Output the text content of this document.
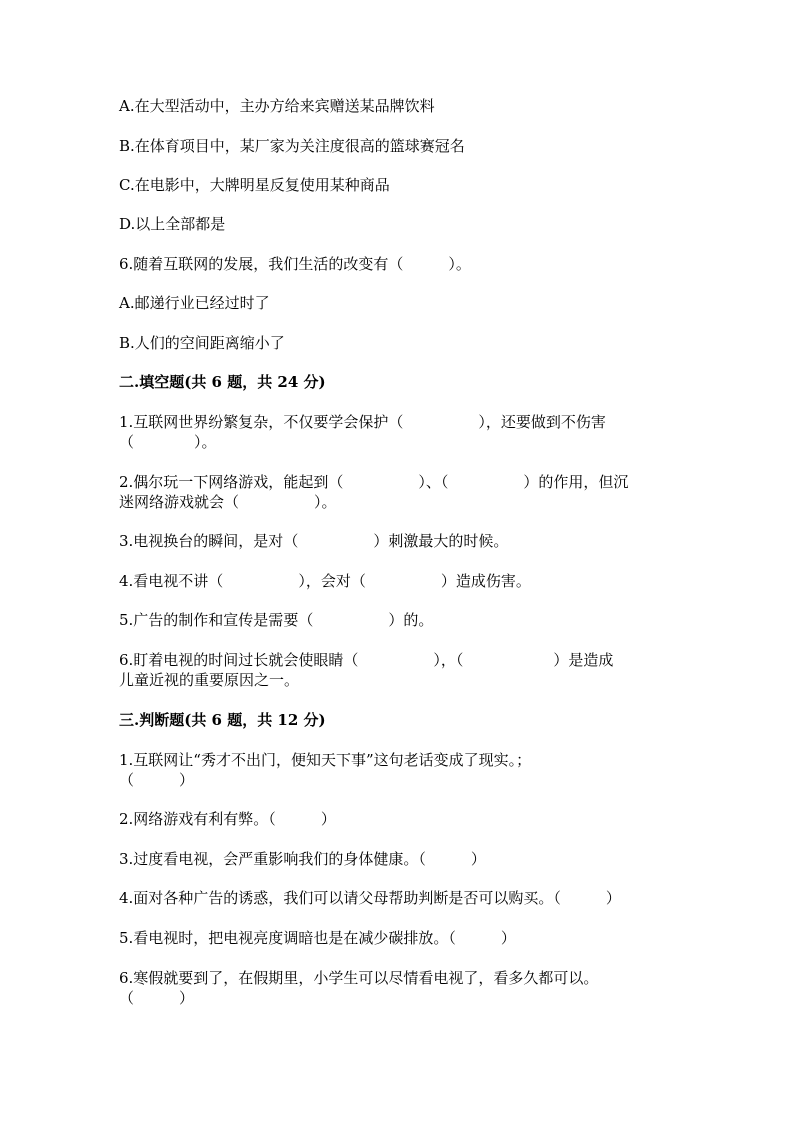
A.在大型活动中，主办方给来宾赠送某品牌饮料
B.在体育项目中，某厂家为关注度很高的篮球赛冠名
C.在电影中，大牌明星反复使用某种商品
D.以上全部都是
6.随着互联网的发展，我们生活的改变有（　　　）。
A.邮递行业已经过时了
B.人们的空间距离缩小了
二.填空题(共 6 题，共 24 分)
1.互联网世界纷繁复杂，不仅要学会保护（　　　　　），还要做到不伤害
（　　　　）。
2.偶尔玩一下网络游戏，能起到（　　　　　）、（　　　　　）的作用，但沉
迷网络游戏就会（　　　　　）。
3.电视换台的瞬间，是对（　　　　　）刺激最大的时候。
4.看电视不讲（　　　　　），会对（　　　　　）造成伤害。
5.广告的制作和宣传是需要（　　　　　）的。
6.盯着电视的时间过长就会使眼睛（　　　　　），（　　　　　　）是造成
儿童近视的重要原因之一。
三.判断题(共 6 题，共 12 分)
1.互联网让“秀才不出门，便知天下事”这句老话变成了现实。；
（　　　）
2.网络游戏有利有弊。（　　　）
3.过度看电视，会严重影响我们的身体健康。（　　　）
4.面对各种广告的诱惑，我们可以请父母帮助判断是否可以购买。（　　　）
5.看电视时，把电视亮度调暗也是在减少碳排放。（　　　）
6.寒假就要到了，在假期里，小学生可以尽情看电视了，看多久都可以。
（　　　）
